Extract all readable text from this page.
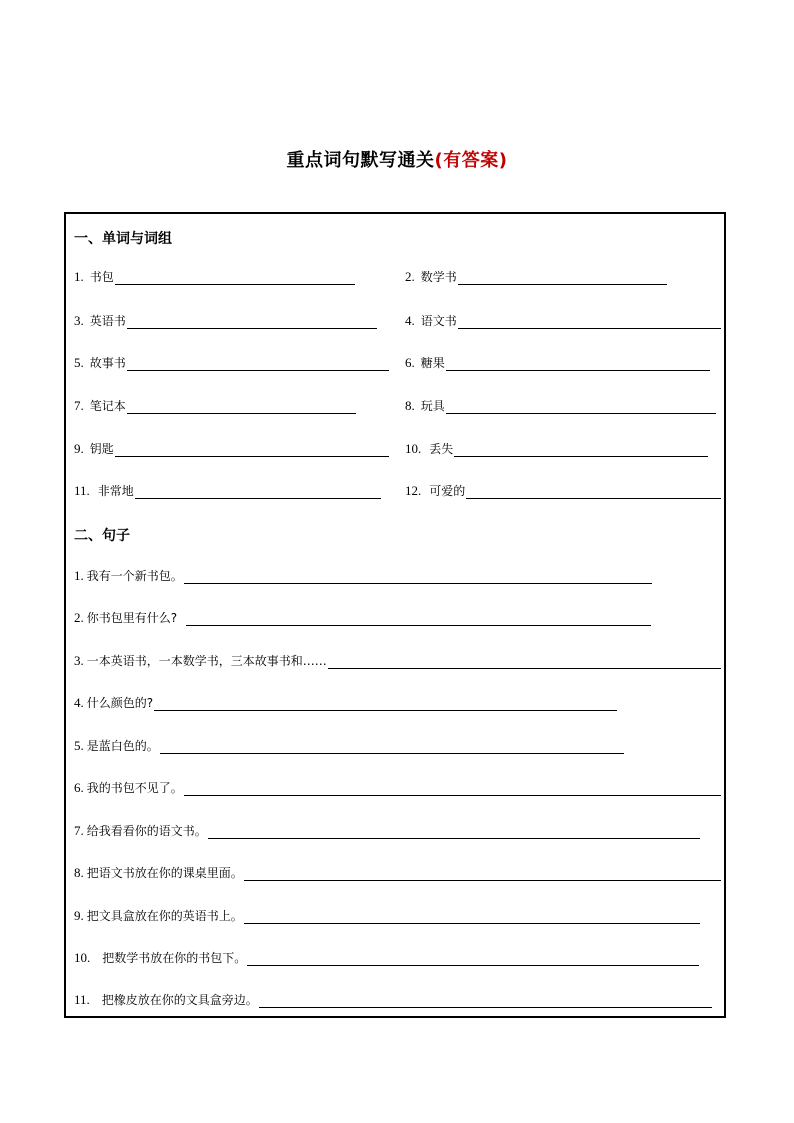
重点词句默写通关(有答案)
一、单词与词组
1. 书包
3. 英语书
5. 故事书
7. 笔记本
9. 钥匙
11. 非常地
2. 数学书
4. 语文书
6. 糖果
8. 玩具
10. 丢失
12. 可爱的
二、句子
1. 我有一个新书包。
2. 你书包里有什么?
3. 一本英语书，一本数学书，三本故事书和……
4. 什么颜色的?
5. 是蓝白色的。
6. 我的书包不见了。
7. 给我看看你的语文书。
8. 把语文书放在你的课桌里面。
9. 把文具盒放在你的英语书上。
10. 把数学书放在你的书包下。
11. 把橡皮放在你的文具盒旁边。
